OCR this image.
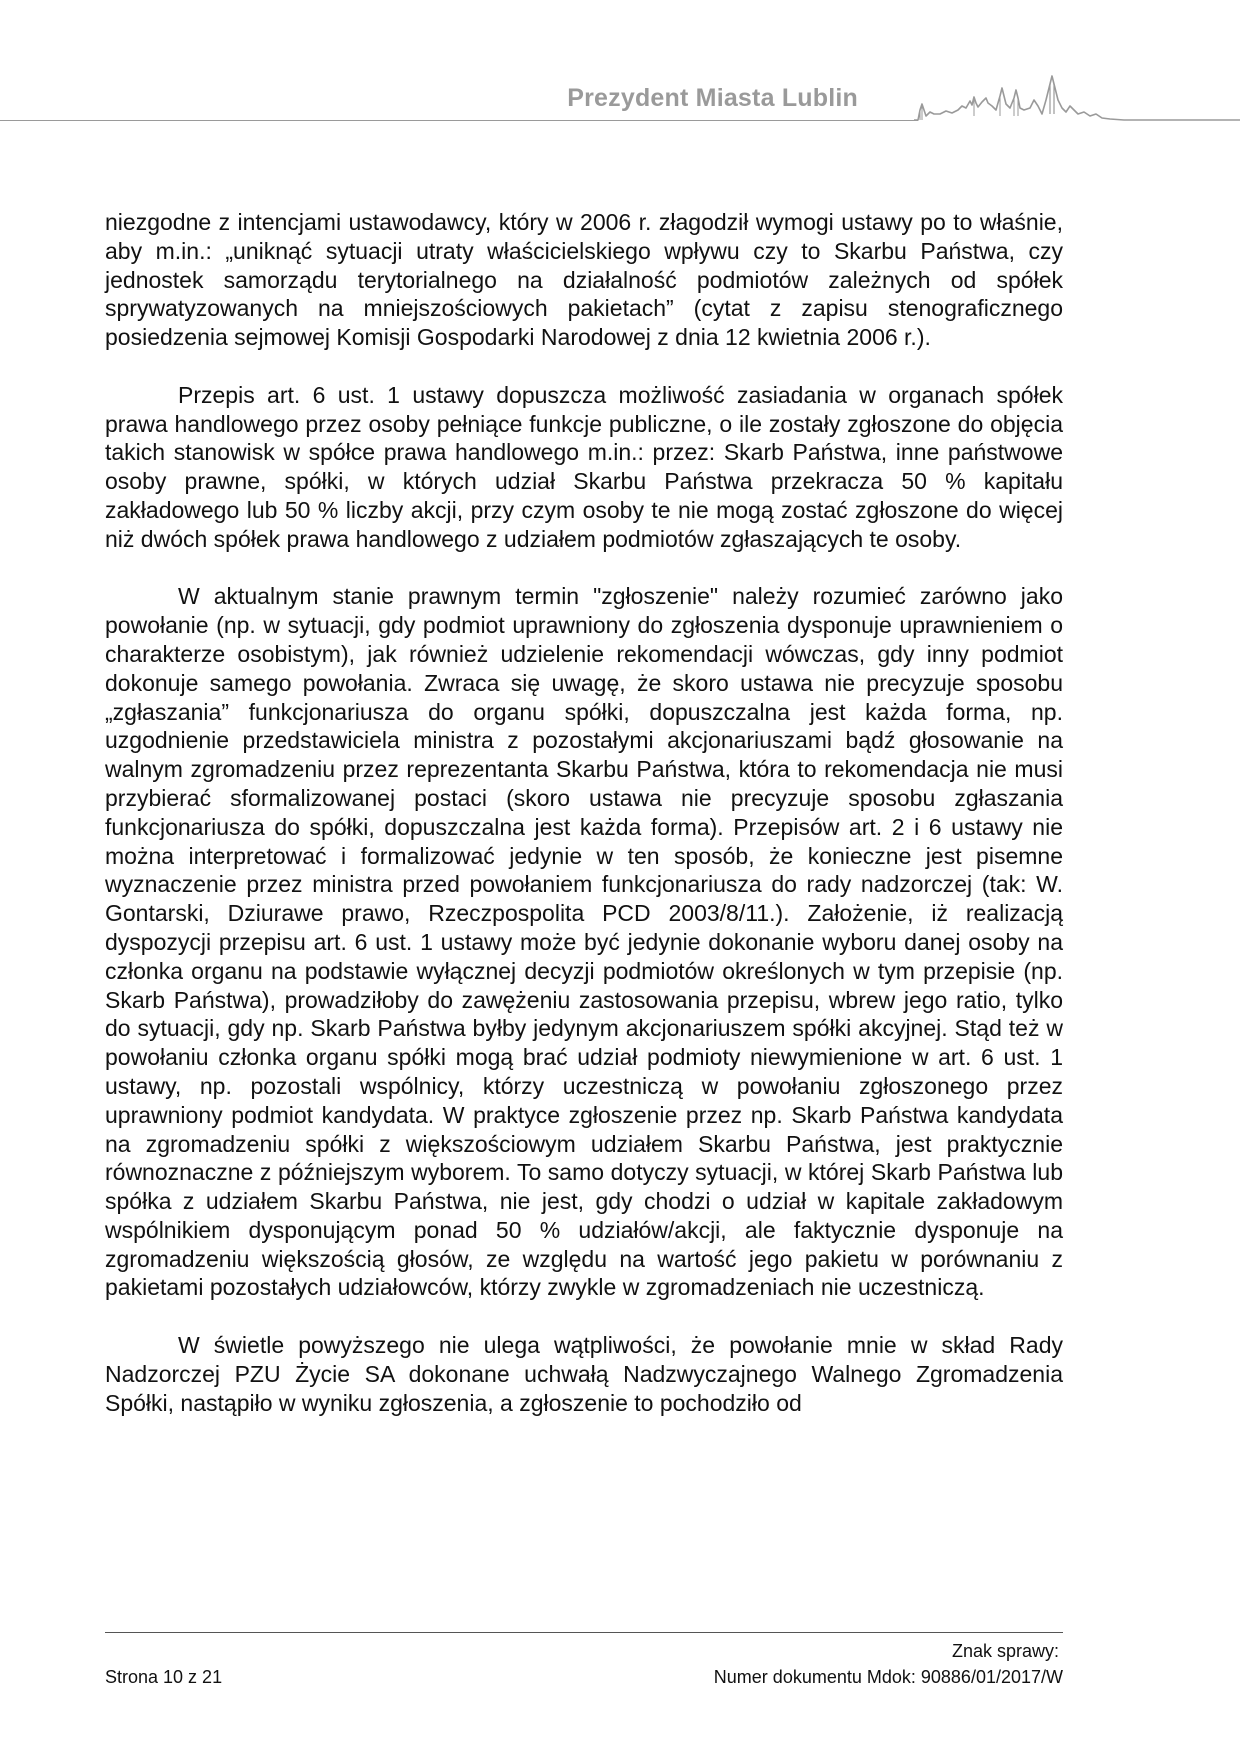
Prezydent Miasta Lublin

niezgodne z intencjami ustawodawcy, który w 2006 r. złagodził wymogi ustawy po to właśnie, aby m.in.: „uniknąć sytuacji utraty właścicielskiego wpływu czy to Skarbu Państwa, czy jednostek samorządu terytorialnego na działalność podmiotów zależnych od spółek sprywatyzowanych na mniejszościowych pakietach” (cytat z zapisu stenograficznego posiedzenia sejmowej Komisji Gospodarki Narodowej z dnia 12 kwietnia 2006 r.).

Przepis art. 6 ust. 1 ustawy dopuszcza możliwość zasiadania w organach spółek prawa handlowego przez osoby pełniące funkcje publiczne, o ile zostały zgłoszone do objęcia takich stanowisk w spółce prawa handlowego m.in.: przez: Skarb Państwa, inne państwowe osoby prawne, spółki, w których udział Skarbu Państwa przekracza 50 % kapitału zakładowego lub 50 % liczby akcji, przy czym osoby te nie mogą zostać zgłoszone do więcej niż dwóch spółek prawa handlowego z udziałem podmiotów zgłaszających te osoby.

W aktualnym stanie prawnym termin "zgłoszenie" należy rozumieć zarówno jako powołanie (np. w sytuacji, gdy podmiot uprawniony do zgłoszenia dysponuje uprawnieniem o charakterze osobistym), jak również udzielenie rekomendacji wówczas, gdy inny podmiot dokonuje samego powołania. Zwraca się uwagę, że skoro ustawa nie precyzuje sposobu „zgłaszania” funkcjonariusza do organu spółki, dopuszczalna jest każda forma, np. uzgodnienie przedstawiciela ministra z pozostałymi akcjonariuszami bądź głosowanie na walnym zgromadzeniu przez reprezentanta Skarbu Państwa, która to rekomendacja nie musi przybierać sformalizowanej postaci (skoro ustawa nie precyzuje sposobu zgłaszania funkcjonariusza do spółki, dopuszczalna jest każda forma). Przepisów art. 2 i 6 ustawy nie można interpretować i formalizować jedynie w ten sposób, że konieczne jest pisemne wyznaczenie przez ministra przed powołaniem funkcjonariusza do rady nadzorczej (tak: W. Gontarski, Dziurawe prawo, Rzeczpospolita PCD 2003/8/11.). Założenie, iż realizacją dyspozycji przepisu art. 6 ust. 1 ustawy może być jedynie dokonanie wyboru danej osoby na członka organu na podstawie wyłącznej decyzji podmiotów określonych w tym przepisie (np. Skarb Państwa), prowadziłoby do zawężeniu zastosowania przepisu, wbrew jego ratio, tylko do sytuacji, gdy np. Skarb Państwa byłby jedynym akcjonariuszem spółki akcyjnej. Stąd też w powołaniu członka organu spółki mogą brać udział podmioty niewymienione w art. 6 ust. 1 ustawy, np. pozostali wspólnicy, którzy uczestniczą w powołaniu zgłoszonego przez uprawniony podmiot kandydata. W praktyce zgłoszenie przez np. Skarb Państwa kandydata na zgromadzeniu spółki z większościowym udziałem Skarbu Państwa, jest praktycznie równoznaczne z późniejszym wyborem. To samo dotyczy sytuacji, w której Skarb Państwa lub spółka z udziałem Skarbu Państwa, nie jest, gdy chodzi o udział w kapitale zakładowym wspólnikiem dysponującym ponad 50 % udziałów/akcji, ale faktycznie dysponuje na zgromadzeniu większością głosów, ze względu na wartość jego pakietu w porównaniu z pakietami pozostałych udziałowców, którzy zwykle w zgromadzeniach nie uczestniczą.

W świetle powyższego nie ulega wątpliwości, że powołanie mnie w skład Rady Nadzorczej PZU Życie SA dokonane uchwałą Nadzwyczajnego Walnego Zgromadzenia Spółki, nastąpiło w wyniku zgłoszenia, a zgłoszenie to pochodziło od

Znak sprawy:
Strona 10 z 21	Numer dokumentu Mdok: 90886/01/2017/W
